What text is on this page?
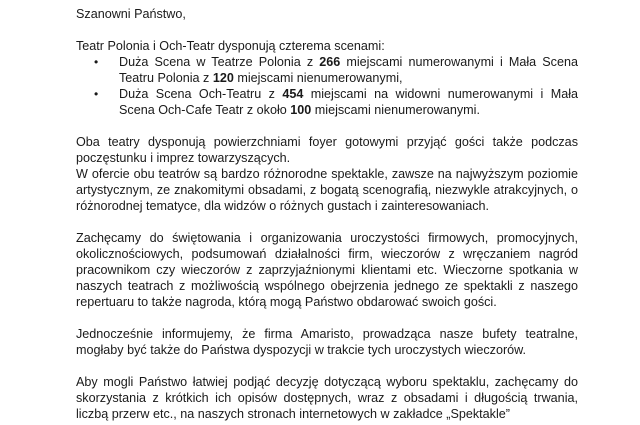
Szanowni Państwo,

Teatr Polonia i Och-Teatr dysponują czterema scenami:

• Duża Scena w Teatrze Polonia z 266 miejscami numerowanymi i Mała Scena Teatru Polonia z 120 miejscami nienumerowanymi,
• Duża Scena Och-Teatru z 454 miejscami na widowni numerowanymi i Mała Scena Och-Cafe Teatr z około 100 miejscami nienumerowanymi.

Oba teatry dysponują powierzchniami foyer gotowymi przyjąć gości także podczas poczęstunku i imprez towarzyszących.

W ofercie obu teatrów są bardzo różnorodne spektakle, zawsze na najwyższym poziomie artystycznym, ze znakomitymi obsadami, z bogatą scenografią, niezwykle atrakcyjnych, o różnorodnej tematyce, dla widzów o różnych gustach i zainteresowaniach.

Zachęcamy do świętowania i organizowania uroczystości firmowych, promocyjnych, okolicznościowych, podsumowań działalności firm, wieczorów z wręczaniem nagród pracownikom czy wieczorów z zaprzyjaźnionymi klientami etc. Wieczorne spotkania w naszych teatrach z możliwością wspólnego obejrzenia jednego ze spektakli z naszego repertuaru to także nagroda, którą mogą Państwo obdarować swoich gości.

Jednocześnie informujemy, że firma Amaristo, prowadząca nasze bufety teatralne, mogłaby być także do Państwa dyspozycji w trakcie tych uroczystych wieczorów.

Aby mogli Państwo łatwiej podjąć decyzję dotyczącą wyboru spektaklu, zachęcamy do skorzystania z krótkich ich opisów dostępnych, wraz z obsadami i długością trwania, liczbą przerw etc., na naszych stronach internetowych w zakładce „Spektakle”
